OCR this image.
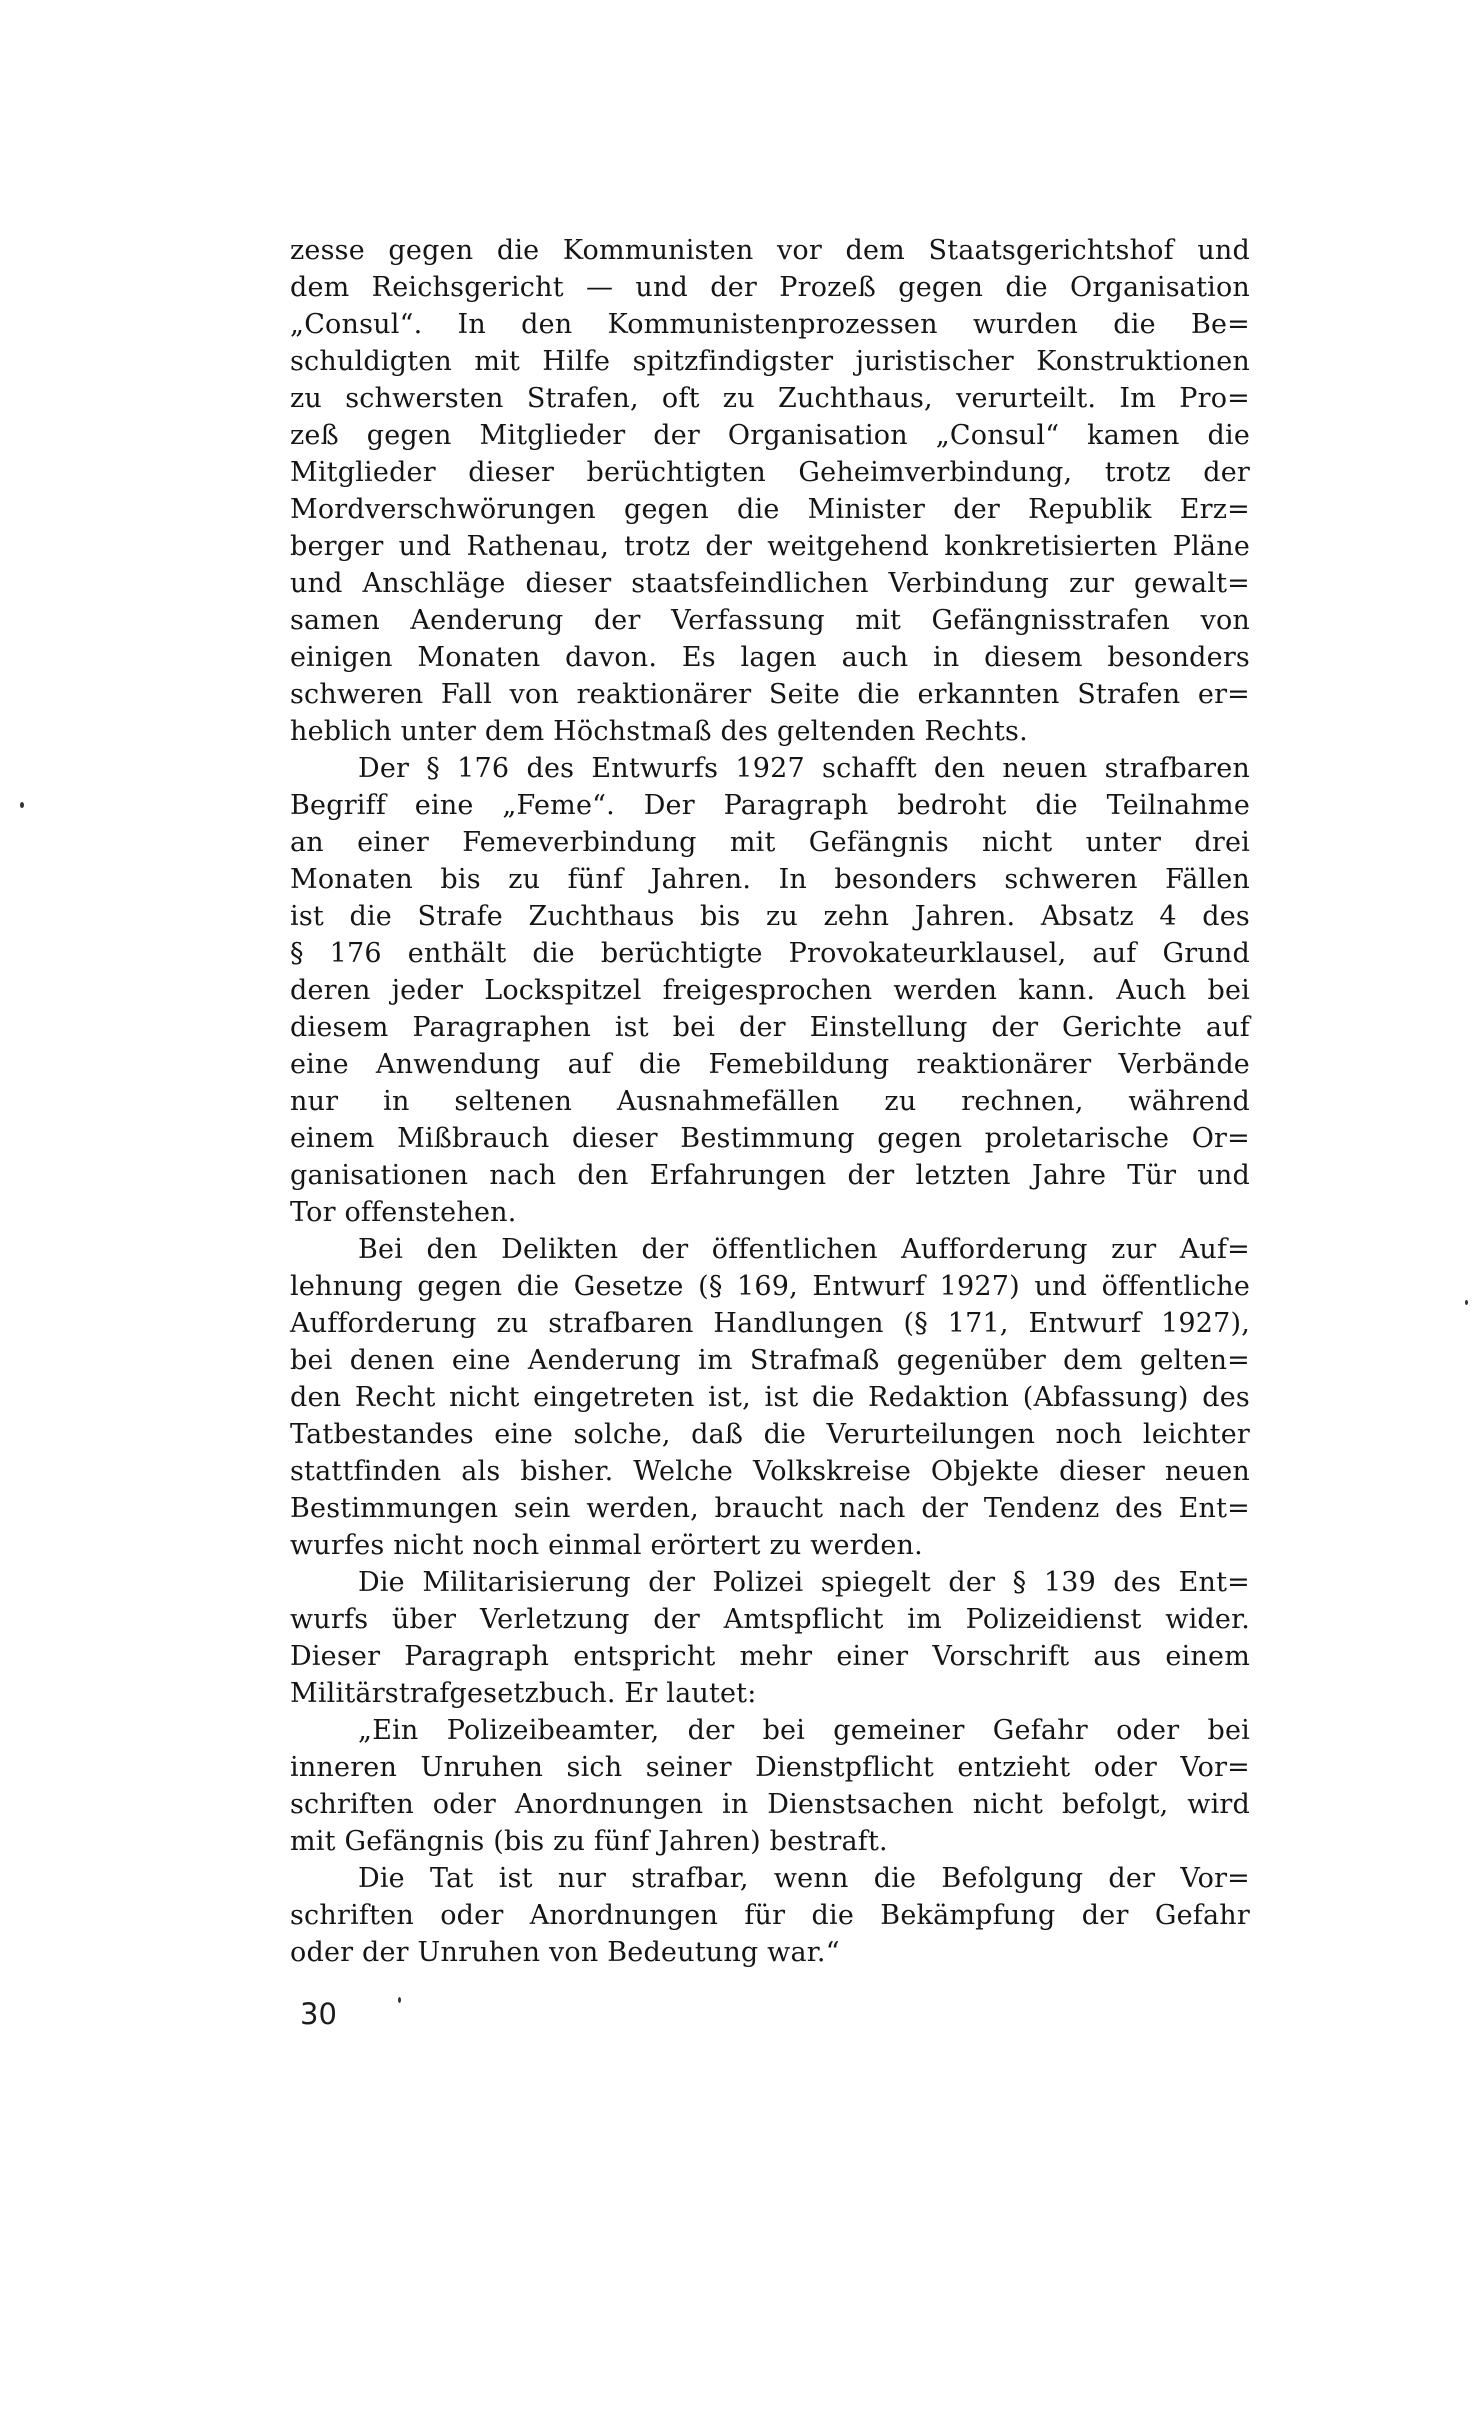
zesse gegen die Kommunisten vor dem Staatsgerichtshof und
dem Reichsgericht — und der Prozeß gegen die Organisation
„Consul“. In den Kommunistenprozessen wurden die Be=
schuldigten mit Hilfe spitzfindigster juristischer Konstruktionen
zu schwersten Strafen, oft zu Zuchthaus, verurteilt. Im Pro=
zeß gegen Mitglieder der Organisation „Consul“ kamen die
Mitglieder dieser berüchtigten Geheimverbindung, trotz der
Mordverschwörungen gegen die Minister der Republik Erz=
berger und Rathenau, trotz der weitgehend konkretisierten Pläne
und Anschläge dieser staatsfeindlichen Verbindung zur gewalt=
samen Aenderung der Verfassung mit Gefängnisstrafen von
einigen Monaten davon. Es lagen auch in diesem besonders
schweren Fall von reaktionärer Seite die erkannten Strafen er=
heblich unter dem Höchstmaß des geltenden Rechts.
Der § 176 des Entwurfs 1927 schafft den neuen strafbaren
Begriff eine „Feme“. Der Paragraph bedroht die Teilnahme
an einer Femeverbindung mit Gefängnis nicht unter drei
Monaten bis zu fünf Jahren. In besonders schweren Fällen
ist die Strafe Zuchthaus bis zu zehn Jahren. Absatz 4 des
§ 176 enthält die berüchtigte Provokateurklausel, auf Grund
deren jeder Lockspitzel freigesprochen werden kann. Auch bei
diesem Paragraphen ist bei der Einstellung der Gerichte auf
eine Anwendung auf die Femebildung reaktionärer Verbände
nur in seltenen Ausnahmefällen zu rechnen, während
einem Mißbrauch dieser Bestimmung gegen proletarische Or=
ganisationen nach den Erfahrungen der letzten Jahre Tür und
Tor offenstehen.
Bei den Delikten der öffentlichen Aufforderung zur Auf=
lehnung gegen die Gesetze (§ 169, Entwurf 1927) und öffentliche
Aufforderung zu strafbaren Handlungen (§ 171, Entwurf 1927),
bei denen eine Aenderung im Strafmaß gegenüber dem gelten=
den Recht nicht eingetreten ist, ist die Redaktion (Abfassung) des
Tatbestandes eine solche, daß die Verurteilungen noch leichter
stattfinden als bisher. Welche Volkskreise Objekte dieser neuen
Bestimmungen sein werden, braucht nach der Tendenz des Ent=
wurfes nicht noch einmal erörtert zu werden.
Die Militarisierung der Polizei spiegelt der § 139 des Ent=
wurfs über Verletzung der Amtspflicht im Polizeidienst wider.
Dieser Paragraph entspricht mehr einer Vorschrift aus einem
Militärstrafgesetzbuch. Er lautet:
„Ein Polizeibeamter, der bei gemeiner Gefahr oder bei
inneren Unruhen sich seiner Dienstpflicht entzieht oder Vor=
schriften oder Anordnungen in Dienstsachen nicht befolgt, wird
mit Gefängnis (bis zu fünf Jahren) bestraft.
Die Tat ist nur strafbar, wenn die Befolgung der Vor=
schriften oder Anordnungen für die Bekämpfung der Gefahr
oder der Unruhen von Bedeutung war.“
30
